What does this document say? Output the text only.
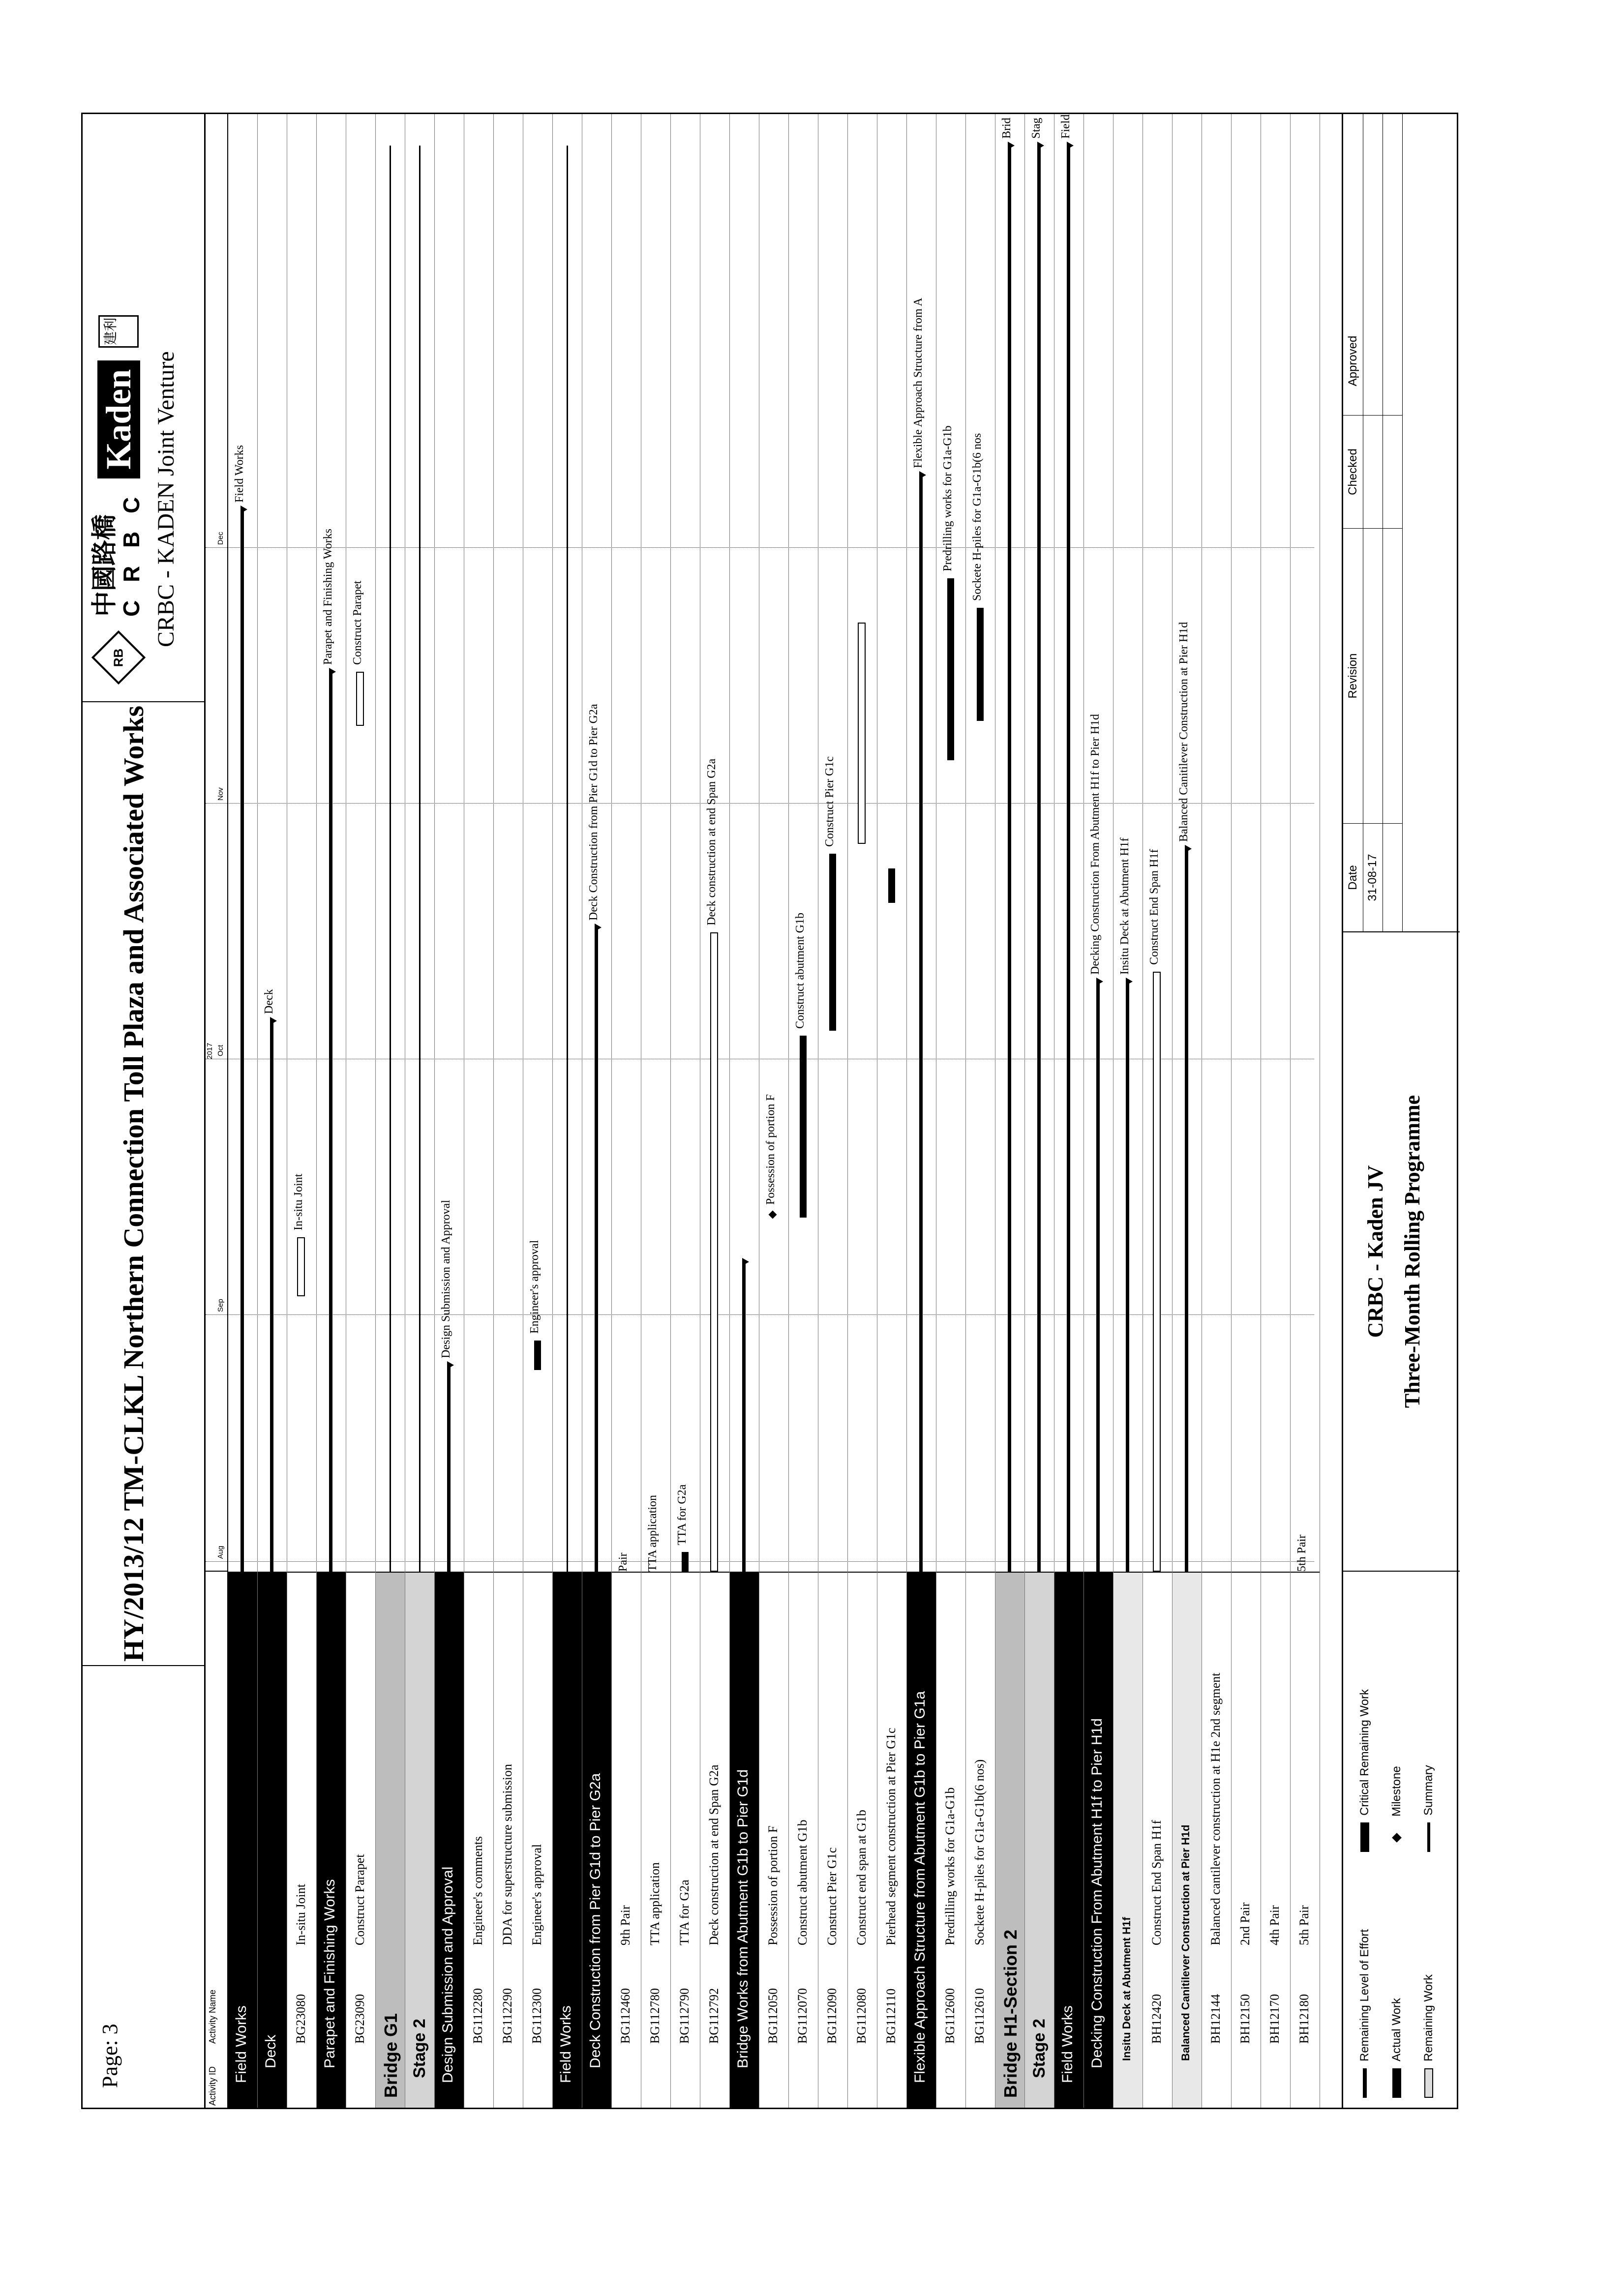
Page: 3
HY/2013/12 TM-CLKL Northern Connection Toll Plaza and Associated Works
RB
中國路橋 C R B C
Kaden
建利
CRBC - KADEN Joint Venture
Activity ID
Activity Name
2017
Aug
Sep
Oct
Nov
Dec
Field Works
Field Works
Deck
Deck
BG23080
In-situ Joint
In-situ Joint
Parapet and Finishing Works
Parapet and Finishing Works
BG23090
Construct Parapet
Construct Parapet
Bridge G1 Stage 2 Design Submission and Approval
Design Submission and Approval
BG112280
Engineer's comments
BG112290
DDA for superstructure submission
BG112300
Engineer's approval
Engineer's approval
Field Works Deck Construction from Pier G1d to Pier G2a
Deck Construction from Pier G1d to Pier G2a
BG112460
9th Pair
Pair
BG112780
TTA application
TTA application
BG112790
TTA for G2a
TTA for G2a
BG112792
Deck construction at end Span G2a
Deck construction at end Span G2a
Bridge Works from Abutment G1b to Pier G1d	BG112050
Possession of portion F
Possession of portion F
BG112070
Construct abutment G1b
Construct abutment G1b
BG112090
Construct Pier G1c
Construct Pier G1c
BG112080
Construct end span at G1b
BG112110
Pierhead segment construction at Pier G1c Flexible Approach Structure from Abutment G1b to Pier G1a
Flexible Approach Structure from A
BG112600
Predrilling works for G1a-G1b
Predrilling works for G1a-G1b
BG112610
Sockete H-piles for G1a-G1b(6 nos)
Sockete H-piles for G1a-G1b(6 nos
Bridge H1-Section 2
Brid
Stage 2
Stag
Field Works
Field
Decking Construction From Abutment H1f to Pier H1d
Decking Construction From Abutment H1f to Pier H1d
Insitu Deck at Abutment H1f
Insitu Deck at Abutment H1f
BH12420
Construct End Span H1f
Construct End Span H1f
Balanced Canitilever Construction at Pier H1d
Balanced Canitilever Construction at Pier H1d
BH12144
Balanced cantilever construction at H1e 2nd segment
BH12150
2nd Pair
BH12170
4th Pair
BH12180
5th Pair
5th Pair
Remaining Level of Effort Actual Work Remaining Work
Critical Remaining Work Milestone Summary
CRBC - Kaden JV Three-Month Rolling Programme
Date
Revision
Checked
Approved
31-08-17
